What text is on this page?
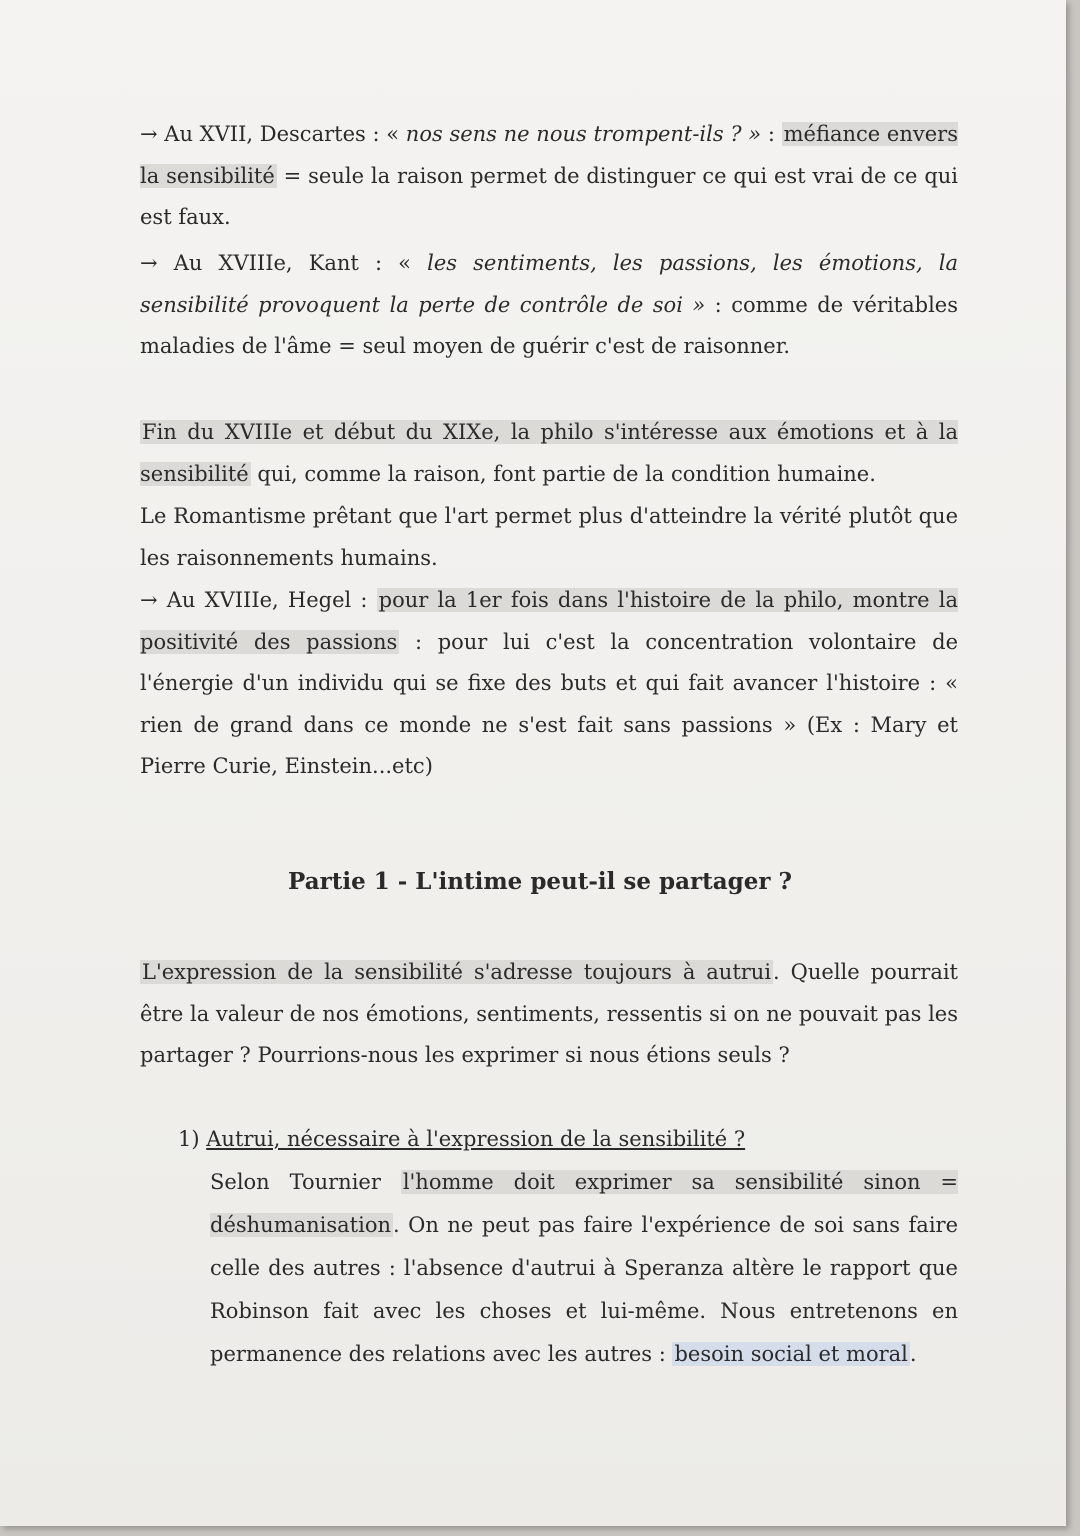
→ Au XVII, Descartes : « nos sens ne nous trompent-ils ? » : méfiance envers la sensibilité = seule la raison permet de distinguer ce qui est vrai de ce qui est faux.

→ Au XVIIIe, Kant : « les sentiments, les passions, les émotions, la sensibilité provoquent la perte de contrôle de soi » : comme de véritables maladies de l'âme = seul moyen de guérir c'est de raisonner.

Fin du XVIIIe et début du XIXe, la philo s'intéresse aux émotions et à la sensibilité qui, comme la raison, font partie de la condition humaine.

Le Romantisme prêtant que l'art permet plus d'atteindre la vérité plutôt que les raisonnements humains.

→ Au XVIIIe, Hegel : pour la 1er fois dans l'histoire de la philo, montre la positivité des passions : pour lui c'est la concentration volontaire de l'énergie d'un individu qui se fixe des buts et qui fait avancer l'histoire : « rien de grand dans ce monde ne s'est fait sans passions » (Ex : Mary et Pierre Curie, Einstein...etc)

Partie 1 - L'intime peut-il se partager ?

L'expression de la sensibilité s'adresse toujours à autrui. Quelle pourrait être la valeur de nos émotions, sentiments, ressentis si on ne pouvait pas les partager ? Pourrions-nous les exprimer si nous étions seuls ?

1) Autrui, nécessaire à l'expression de la sensibilité ?
Selon Tournier l'homme doit exprimer sa sensibilité sinon = déshumanisation. On ne peut pas faire l'expérience de soi sans faire celle des autres : l'absence d'autrui à Speranza altère le rapport que Robinson fait avec les choses et lui-même. Nous entretenons en permanence des relations avec les autres : besoin social et moral.
